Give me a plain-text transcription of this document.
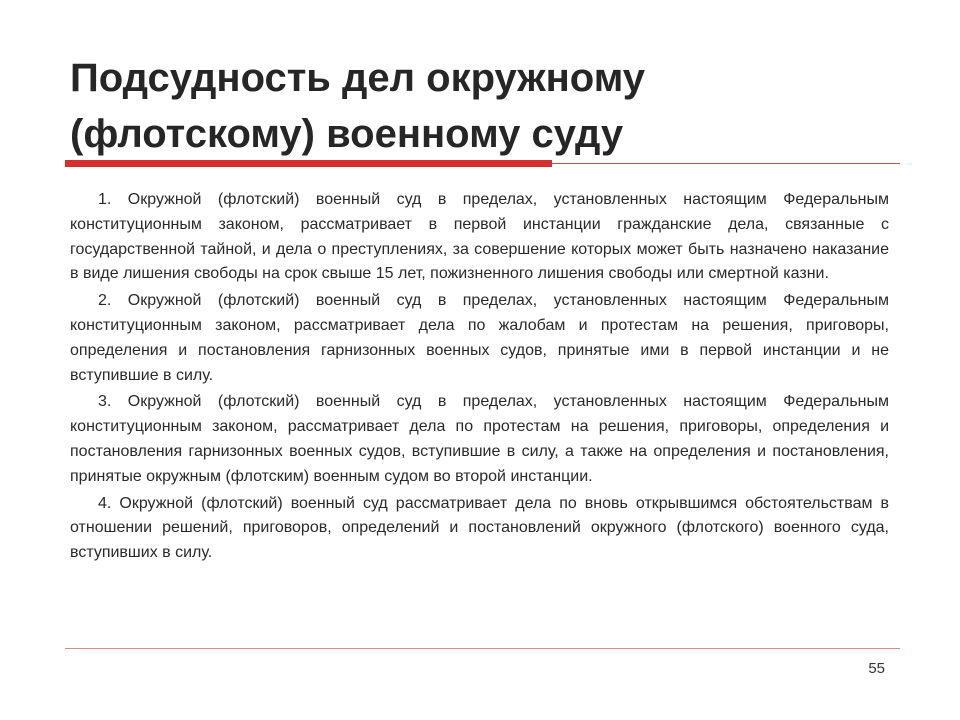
Подсудность дел окружному (флотскому) военному суду

1. Окружной (флотский) военный суд в пределах, установленных настоящим Федеральным конституционным законом, рассматривает в первой инстанции гражданские дела, связанные с государственной тайной, и дела о преступлениях, за совершение которых может быть назначено наказание в виде лишения свободы на срок свыше 15 лет, пожизненного лишения свободы или смертной казни.

2. Окружной (флотский) военный суд в пределах, установленных настоящим Федеральным конституционным законом, рассматривает дела по жалобам и протестам на решения, приговоры, определения и постановления гарнизонных военных судов, принятые ими в первой инстанции и не вступившие в силу.

3. Окружной (флотский) военный суд в пределах, установленных настоящим Федеральным конституционным законом, рассматривает дела по протестам на решения, приговоры, определения и постановления гарнизонных военных судов, вступившие в силу, а также на определения и постановления, принятые окружным (флотским) военным судом во второй инстанции.

4. Окружной (флотский) военный суд рассматривает дела по вновь открывшимся обстоятельствам в отношении решений, приговоров, определений и постановлений окружного (флотского) военного суда, вступивших в силу.

55
